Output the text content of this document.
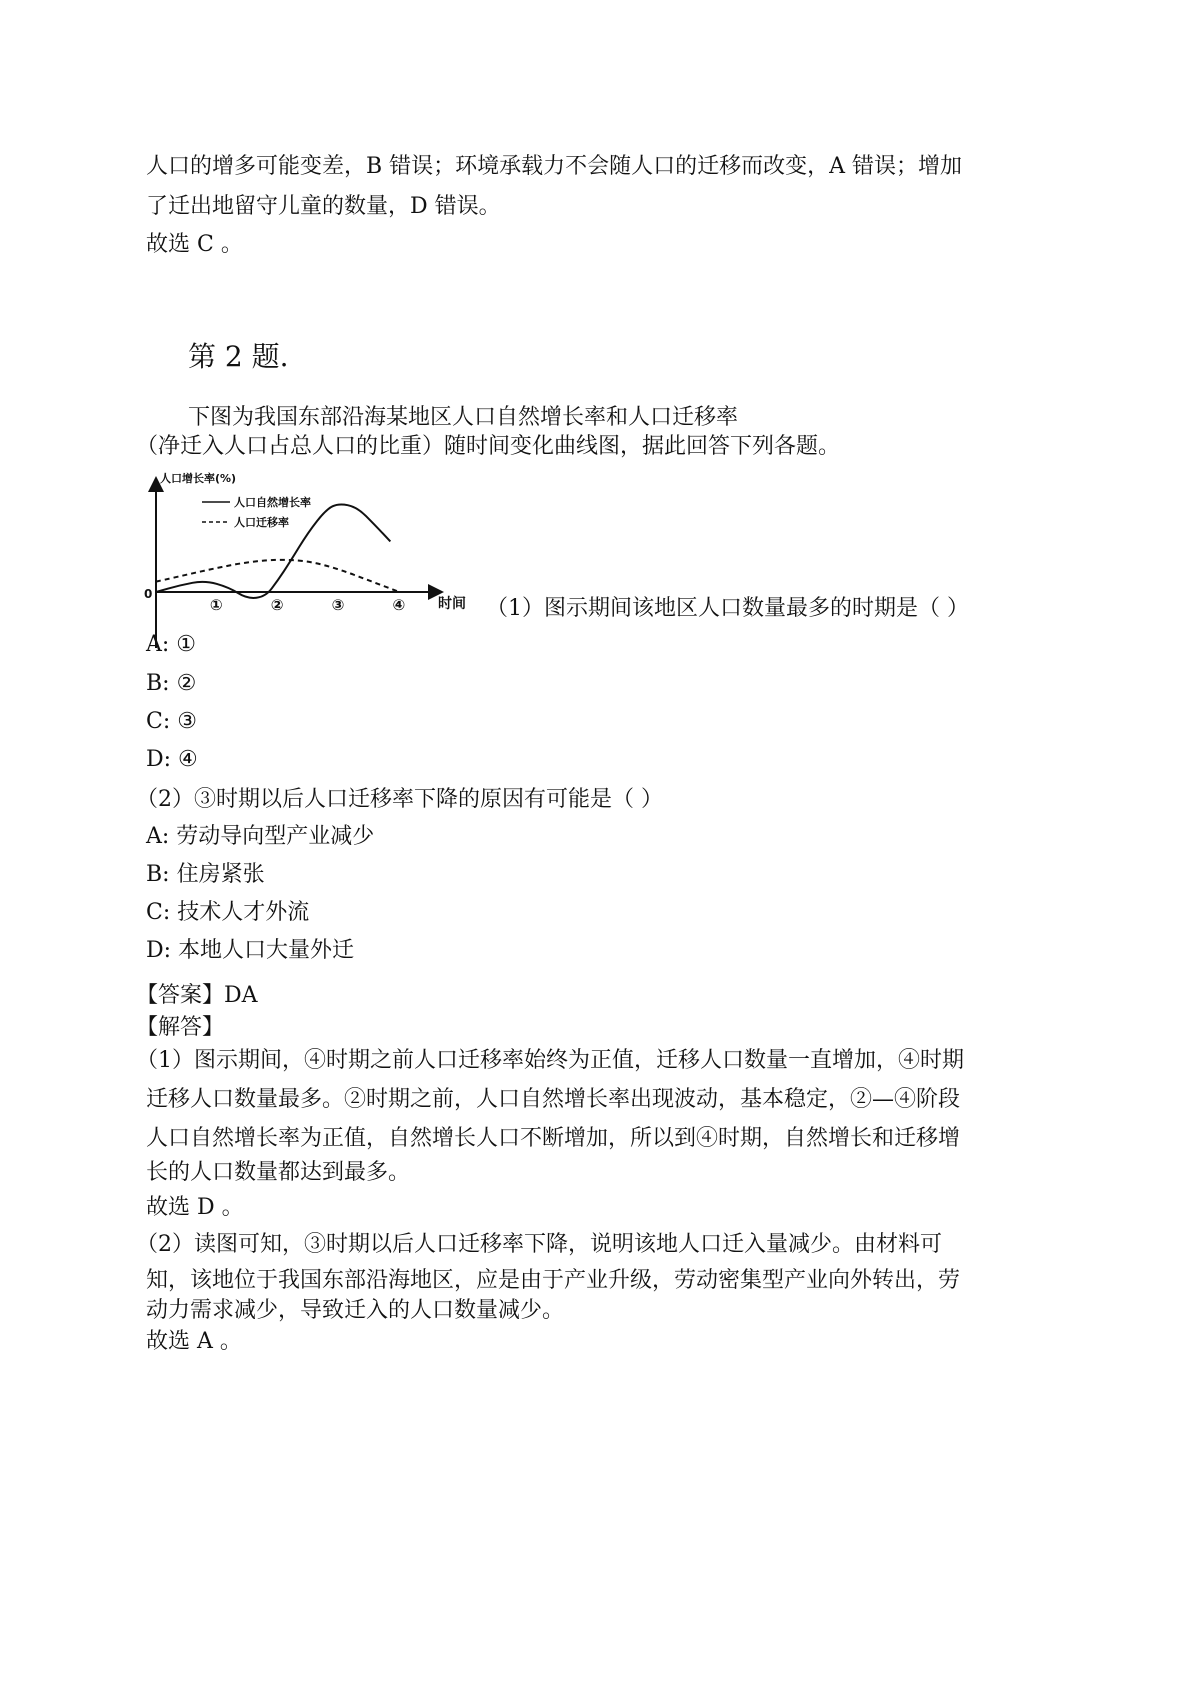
人口的增多可能变差，B 错误；环境承载力不会随人口的迁移而改变，A 错误；增加

了迁出地留守儿童的数量，D 错误。

故选 C 。

第 2 题.

下图为我国东部沿海某地区人口自然增长率和人口迁移率

（净迁入人口占总人口的比重）随时间变化曲线图，据此回答下列各题。

人口增长率(%)
时间
0
人口自然增长率
人口迁移率
①	②	③	④	（1）图示期间该地区人口数量最多的时期是（ ）

A: ①

B: ②

C: ③

D: ④

（2）③时期以后人口迁移率下降的原因有可能是（ ）

A: 劳动导向型产业减少

B: 住房紧张

C: 技术人才外流

D: 本地人口大量外迁

【答案】DA

【解答】

（1）图示期间，④时期之前人口迁移率始终为正值，迁移人口数量一直增加，④时期

迁移人口数量最多。②时期之前，人口自然增长率出现波动，基本稳定，②—④阶段

人口自然增长率为正值，自然增长人口不断增加，所以到④时期，自然增长和迁移增

长的人口数量都达到最多。

故选 D 。

（2）读图可知，③时期以后人口迁移率下降，说明该地人口迁入量减少。由材料可

知，该地位于我国东部沿海地区，应是由于产业升级，劳动密集型产业向外转出，劳

动力需求减少，导致迁入的人口数量减少。

故选 A 。
